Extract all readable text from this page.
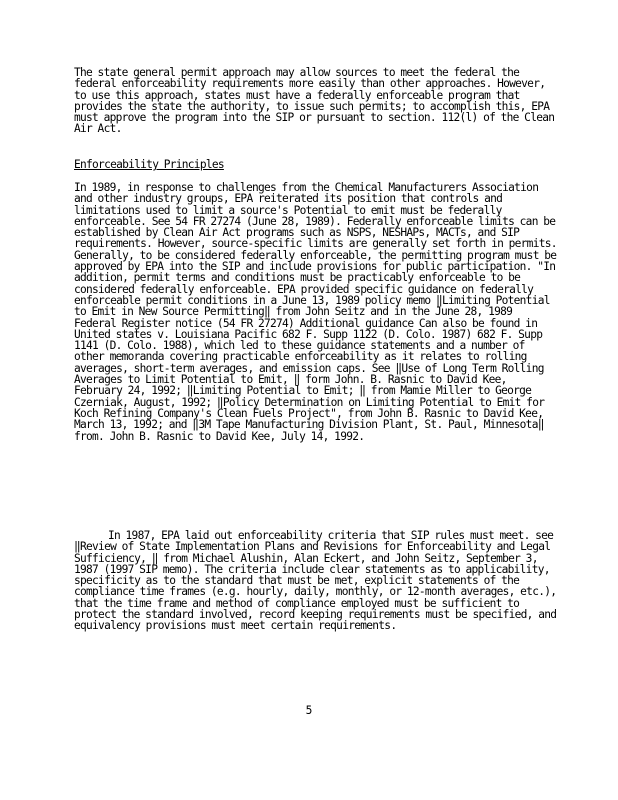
The state general permit approach may allow sources to meet the federal the federal enforceability requirements more easily than other approaches. However, to use this approach, states must have a federally enforceable program that provides the state the authority, to issue such permits; to accomplish this, EPA must approve the program into the SIP or pursuant to section. 112(l) of the Clean Air Act.

Enforceability Principles

In 1989, in response to challenges from the Chemical Manufacturers Association and other industry groups, EPA reiterated its position that controls and limitations used to limit a source's Potential to emit must be federally enforceable. See 54 FR 27274 (June 28, 1989). Federally enforceable limits can be established by Clean Air Act programs such as NSPS, NESHAPs, MACTs, and SIP requirements. However, source-specific limits are generally set forth in permits. Generally, to be considered federally enforceable, the permitting program must be approved by EPA into the SIP and include provisions for public participation. "In addition, permit terms and conditions must be practicably enforceable to be considered federally enforceable. EPA provided specific guidance on federally enforceable permit conditions in a June 13, 1989 policy memo ‖Limiting Potential to Emit in New Source Permitting‖ from John Seitz and in the June 28, 1989 Federal Register notice (54 FR 27274) Additional guidance Can also be found in United states v. Louisiana Pacific 682 F. Supp 1122 (D. Colo. 1987) 682 F. Supp 1141 (D. Colo. 1988), which led to these guidance statements and a number of other memoranda covering practicable enforceability as it relates to rolling averages, short-term averages, and emission caps. See ‖Use of Long Term Rolling Averages to Limit Potential to Emit, ‖ form John. B. Rasnic to David Kee, February 24, 1992; ‖Limiting Potential to Emit; ‖ from Mamie Miller to George Czerniak, August, 1992; ‖Policy Determination on Limiting Potential to Emit for Koch Refining Company's Clean Fuels Project", from John B. Rasnic to David Kee, March 13, 1992; and ‖3M Tape Manufacturing Division Plant, St. Paul, Minnesota‖ from. John B. Rasnic to David Kee, July 14, 1992.

In 1987, EPA laid out enforceability criteria that SIP rules must meet. see ‖Review of State Implementation Plans and Revisions for Enforceability and Legal Sufficiency, ‖ from Michael Alushin, Alan Eckert, and John Seitz, September 3, 1987 (1997 SIP memo). The criteria include clear statements as to applicability, specificity as to the standard that must be met, explicit statements of the compliance time frames (e.g. hourly, daily, monthly, or 12-month averages, etc.), that the time frame and method of compliance employed must be sufficient to protect the standard involved, record keeping requirements must be specified, and equivalency provisions must meet certain requirements.

5
